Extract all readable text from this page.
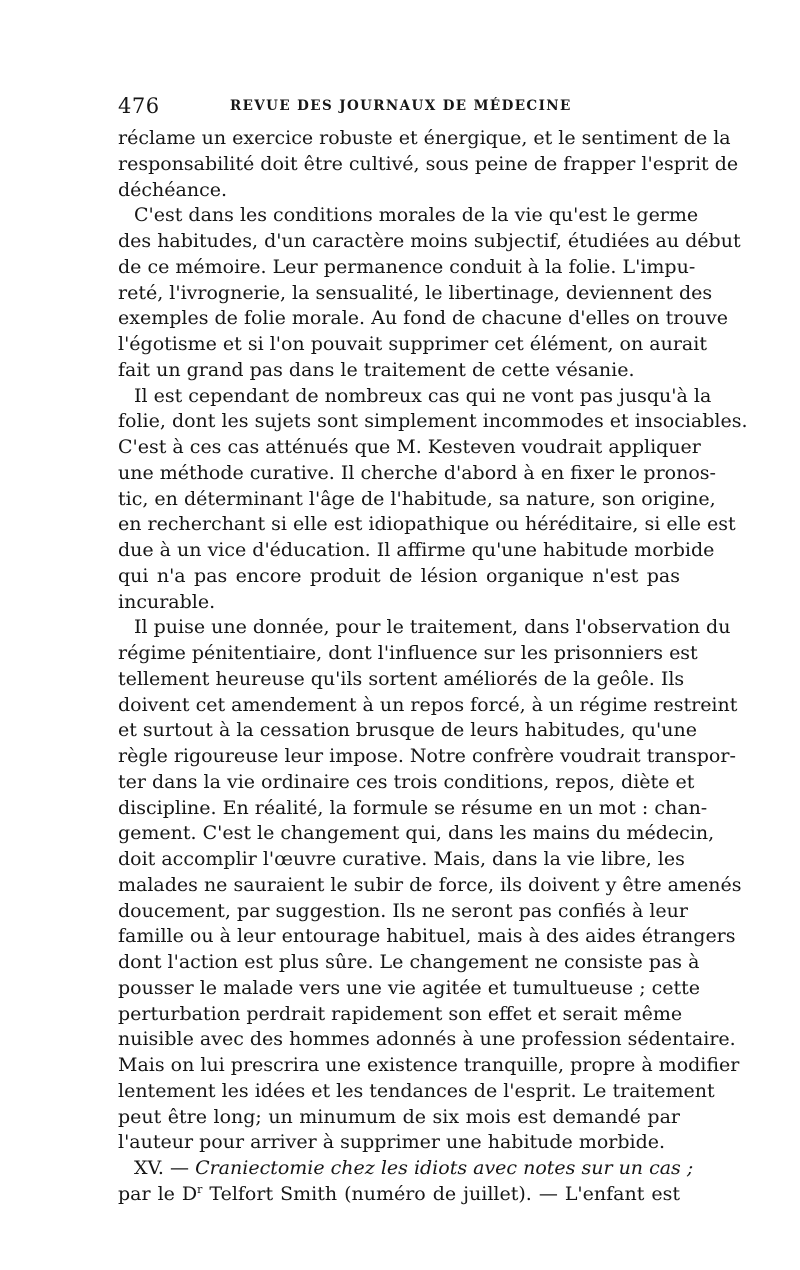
476	REVUE DES JOURNAUX DE MÉDECINE
réclame un exercice robuste et énergique, et le sentiment de la
responsabilité doit être cultivé, sous peine de frapper l'esprit de
déchéance.
C'est dans les conditions morales de la vie qu'est le germe
des habitudes, d'un caractère moins subjectif, étudiées au début
de ce mémoire. Leur permanence conduit à la folie. L'impu-
reté, l'ivrognerie, la sensualité, le libertinage, deviennent des
exemples de folie morale. Au fond de chacune d'elles on trouve
l'égotisme et si l'on pouvait supprimer cet élément, on aurait
fait un grand pas dans le traitement de cette vésanie.
Il est cependant de nombreux cas qui ne vont pas jusqu'à la
folie, dont les sujets sont simplement incommodes et insociables.
C'est à ces cas atténués que M. Kesteven voudrait appliquer
une méthode curative. Il cherche d'abord à en fixer le pronos-
tic, en déterminant l'âge de l'habitude, sa nature, son origine,
en recherchant si elle est idiopathique ou héréditaire, si elle est
due à un vice d'éducation. Il affirme qu'une habitude morbide
qui n'a pas encore produit de lésion organique n'est pas
incurable.
Il puise une donnée, pour le traitement, dans l'observation du
régime pénitentiaire, dont l'influence sur les prisonniers est
tellement heureuse qu'ils sortent améliorés de la geôle. Ils
doivent cet amendement à un repos forcé, à un régime restreint
et surtout à la cessation brusque de leurs habitudes, qu'une
règle rigoureuse leur impose. Notre confrère voudrait transpor-
ter dans la vie ordinaire ces trois conditions, repos, diète et
discipline. En réalité, la formule se résume en un mot : chan-
gement. C'est le changement qui, dans les mains du médecin,
doit accomplir l'œuvre curative. Mais, dans la vie libre, les
malades ne sauraient le subir de force, ils doivent y être amenés
doucement, par suggestion. Ils ne seront pas confiés à leur
famille ou à leur entourage habituel, mais à des aides étrangers
dont l'action est plus sûre. Le changement ne consiste pas à
pousser le malade vers une vie agitée et tumultueuse ; cette
perturbation perdrait rapidement son effet et serait même
nuisible avec des hommes adonnés à une profession sédentaire.
Mais on lui prescrira une existence tranquille, propre à modifier
lentement les idées et les tendances de l'esprit. Le traitement
peut être long; un minumum de six mois est demandé par
l'auteur pour arriver à supprimer une habitude morbide.
XV. — Craniectomie chez les idiots avec notes sur un cas ;
par le $D^r$ Telfort Smith (numéro de juillet). — L'enfant est
